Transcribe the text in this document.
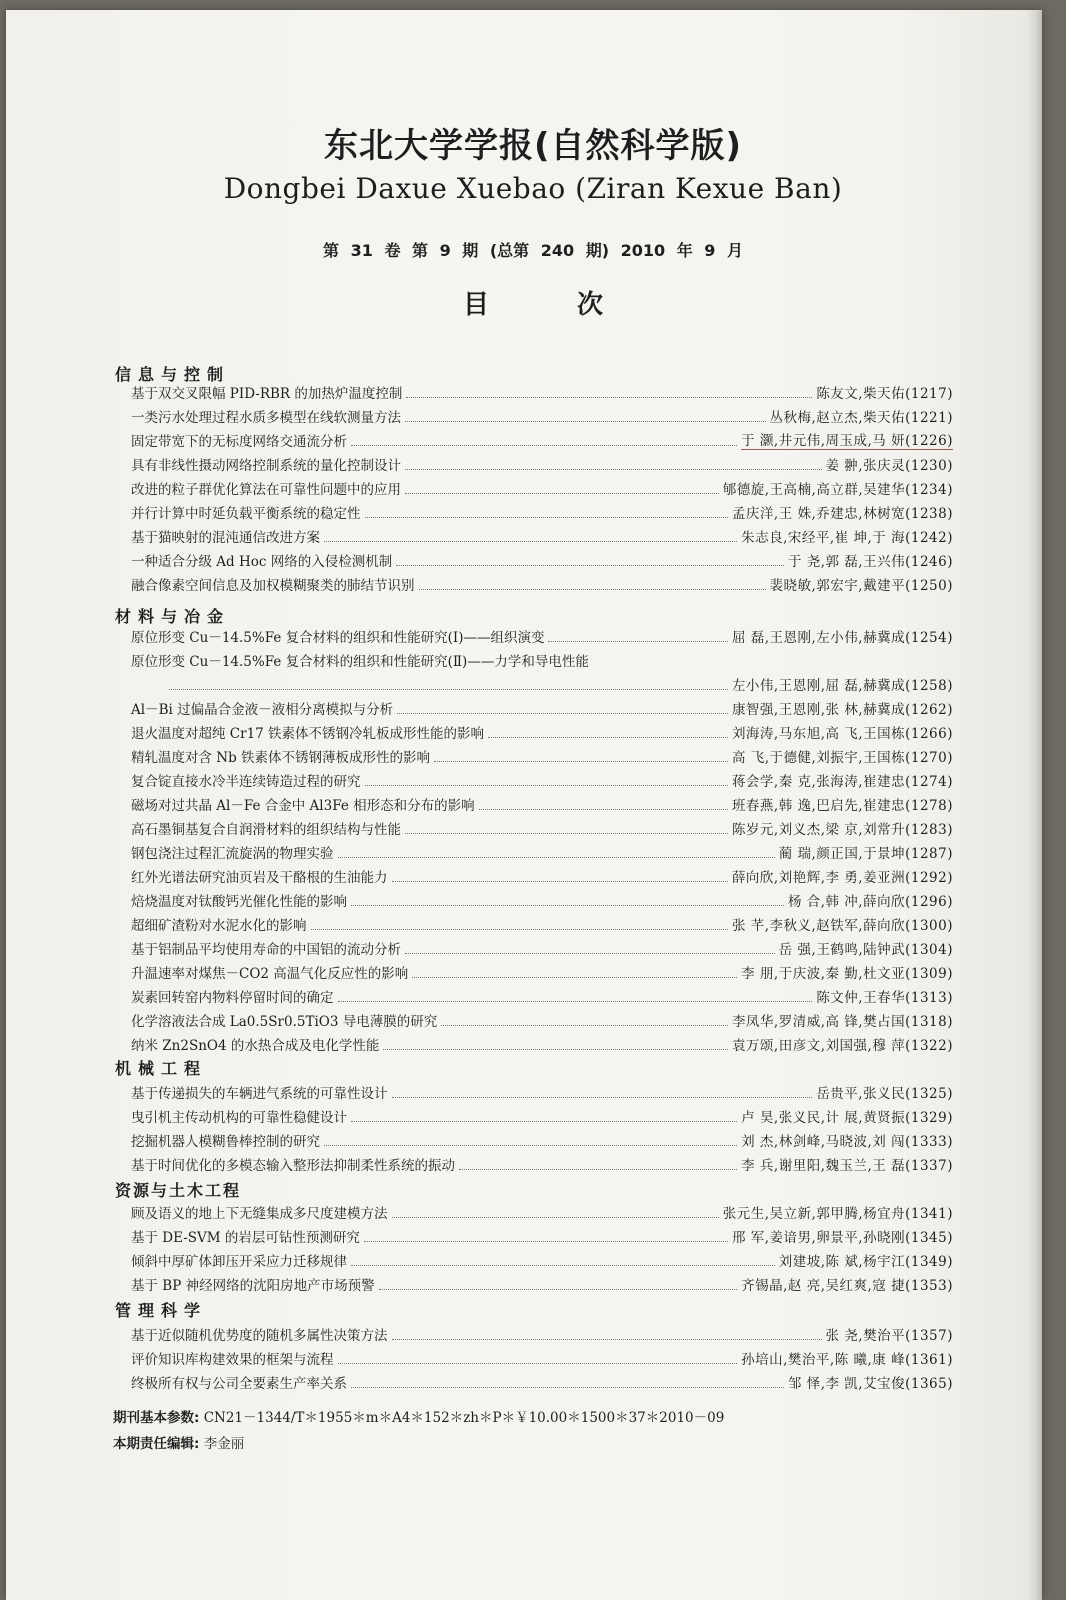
东北大学学报(自然科学版)
Dongbei Daxue Xuebao (Ziran Kexue Ban)
第 31 卷 第 9 期 (总第 240 期) 2010 年 9 月
目次
信息与控制
基于双交叉限幅 PID-RBR 的加热炉温度控制	陈友文,柴天佑(1217)
一类污水处理过程水质多模型在线软测量方法	丛秋梅,赵立杰,柴天佑(1221)
固定带宽下的无标度网络交通流分析	于 灏,井元伟,周玉成,马 妍(1226)
具有非线性摄动网络控制系统的量化控制设计	姜 翀,张庆灵(1230)
改进的粒子群优化算法在可靠性问题中的应用	郇德旋,王高楠,高立群,吴建华(1234)
并行计算中时延负载平衡系统的稳定性	孟庆洋,王 姝,乔建忠,林树宽(1238)
基于猫映射的混沌通信改进方案	朱志良,宋经平,崔 坤,于 海(1242)
一种适合分级 Ad Hoc 网络的入侵检测机制	于 尧,郭 磊,王兴伟(1246)
融合像素空间信息及加权模糊聚类的肺结节识别	裴晓敏,郭宏宇,戴建平(1250)
材料与冶金
原位形变 Cu－14.5%Fe 复合材料的组织和性能研究(Ⅰ)——组织演变	屈 磊,王恩刚,左小伟,赫冀成(1254)
原位形变 Cu－14.5%Fe 复合材料的组织和性能研究(Ⅱ)——力学和导电性能
左小伟,王恩刚,屈 磊,赫冀成(1258)
Al－Bi 过偏晶合金液－液相分离模拟与分析	康智强,王恩刚,张 林,赫冀成(1262)
退火温度对超纯 Cr17 铁素体不锈钢冷轧板成形性能的影响	刘海涛,马东旭,高 飞,王国栋(1266)
精轧温度对含 Nb 铁素体不锈钢薄板成形性的影响	高 飞,于德健,刘振宇,王国栋(1270)
复合锭直接水冷半连续铸造过程的研究	蒋会学,秦 克,张海涛,崔建忠(1274)
磁场对过共晶 Al－Fe 合金中 Al3Fe 相形态和分布的影响	班春燕,韩 逸,巴启先,崔建忠(1278)
高石墨铜基复合自润滑材料的组织结构与性能	陈岁元,刘义杰,梁 京,刘常升(1283)
钢包浇注过程汇流旋涡的物理实验	蔺 瑞,颜正国,于景坤(1287)
红外光谱法研究油页岩及干酪根的生油能力	薛向欣,刘艳辉,李 勇,姜亚洲(1292)
焙烧温度对钛酸钙光催化性能的影响	杨 合,韩 冲,薛向欣(1296)
超细矿渣粉对水泥水化的影响	张 芊,李秋义,赵铁军,薛向欣(1300)
基于铝制品平均使用寿命的中国铝的流动分析	岳 强,王鹤鸣,陆钟武(1304)
升温速率对煤焦－CO2 高温气化反应性的影响	李 朋,于庆波,秦 勤,杜文亚(1309)
炭素回转窑内物料停留时间的确定	陈文仲,王春华(1313)
化学溶液法合成 La0.5Sr0.5TiO3 导电薄膜的研究	李凤华,罗清威,高 锋,樊占国(1318)
纳米 Zn2SnO4 的水热合成及电化学性能	袁万颂,田彦文,刘国强,穆 萍(1322)
机械工程
基于传递损失的车辆进气系统的可靠性设计	岳贵平,张义民(1325)
曳引机主传动机构的可靠性稳健设计	卢 昊,张义民,计 展,黄贤振(1329)
挖掘机器人模糊鲁棒控制的研究	刘 杰,林剑峰,马晓波,刘 闯(1333)
基于时间优化的多模态输入整形法抑制柔性系统的振动	李 兵,谢里阳,魏玉兰,王 磊(1337)
资源与土木工程
顾及语义的地上下无缝集成多尺度建模方法	张元生,吴立新,郭甲腾,杨宜舟(1341)
基于 DE-SVM 的岩层可钻性预测研究	邢 军,姜谙男,卵景平,孙晓刚(1345)
倾斜中厚矿体卸压开采应力迁移规律	刘建坡,陈 斌,杨宇江(1349)
基于 BP 神经网络的沈阳房地产市场预警	齐锡晶,赵 亮,吴红爽,寇 捷(1353)
管理科学
基于近似随机优势度的随机多属性决策方法	张 尧,樊治平(1357)
评价知识库构建效果的框架与流程	孙培山,樊治平,陈 曦,康 峰(1361)
终极所有权与公司全要素生产率关系	邹 怿,李 凯,艾宝俊(1365)
期刊基本参数: CN21－1344/T＊1955＊m＊A4＊152＊zh＊P＊￥10.00＊1500＊37＊2010－09
本期责任编辑: 李金丽
